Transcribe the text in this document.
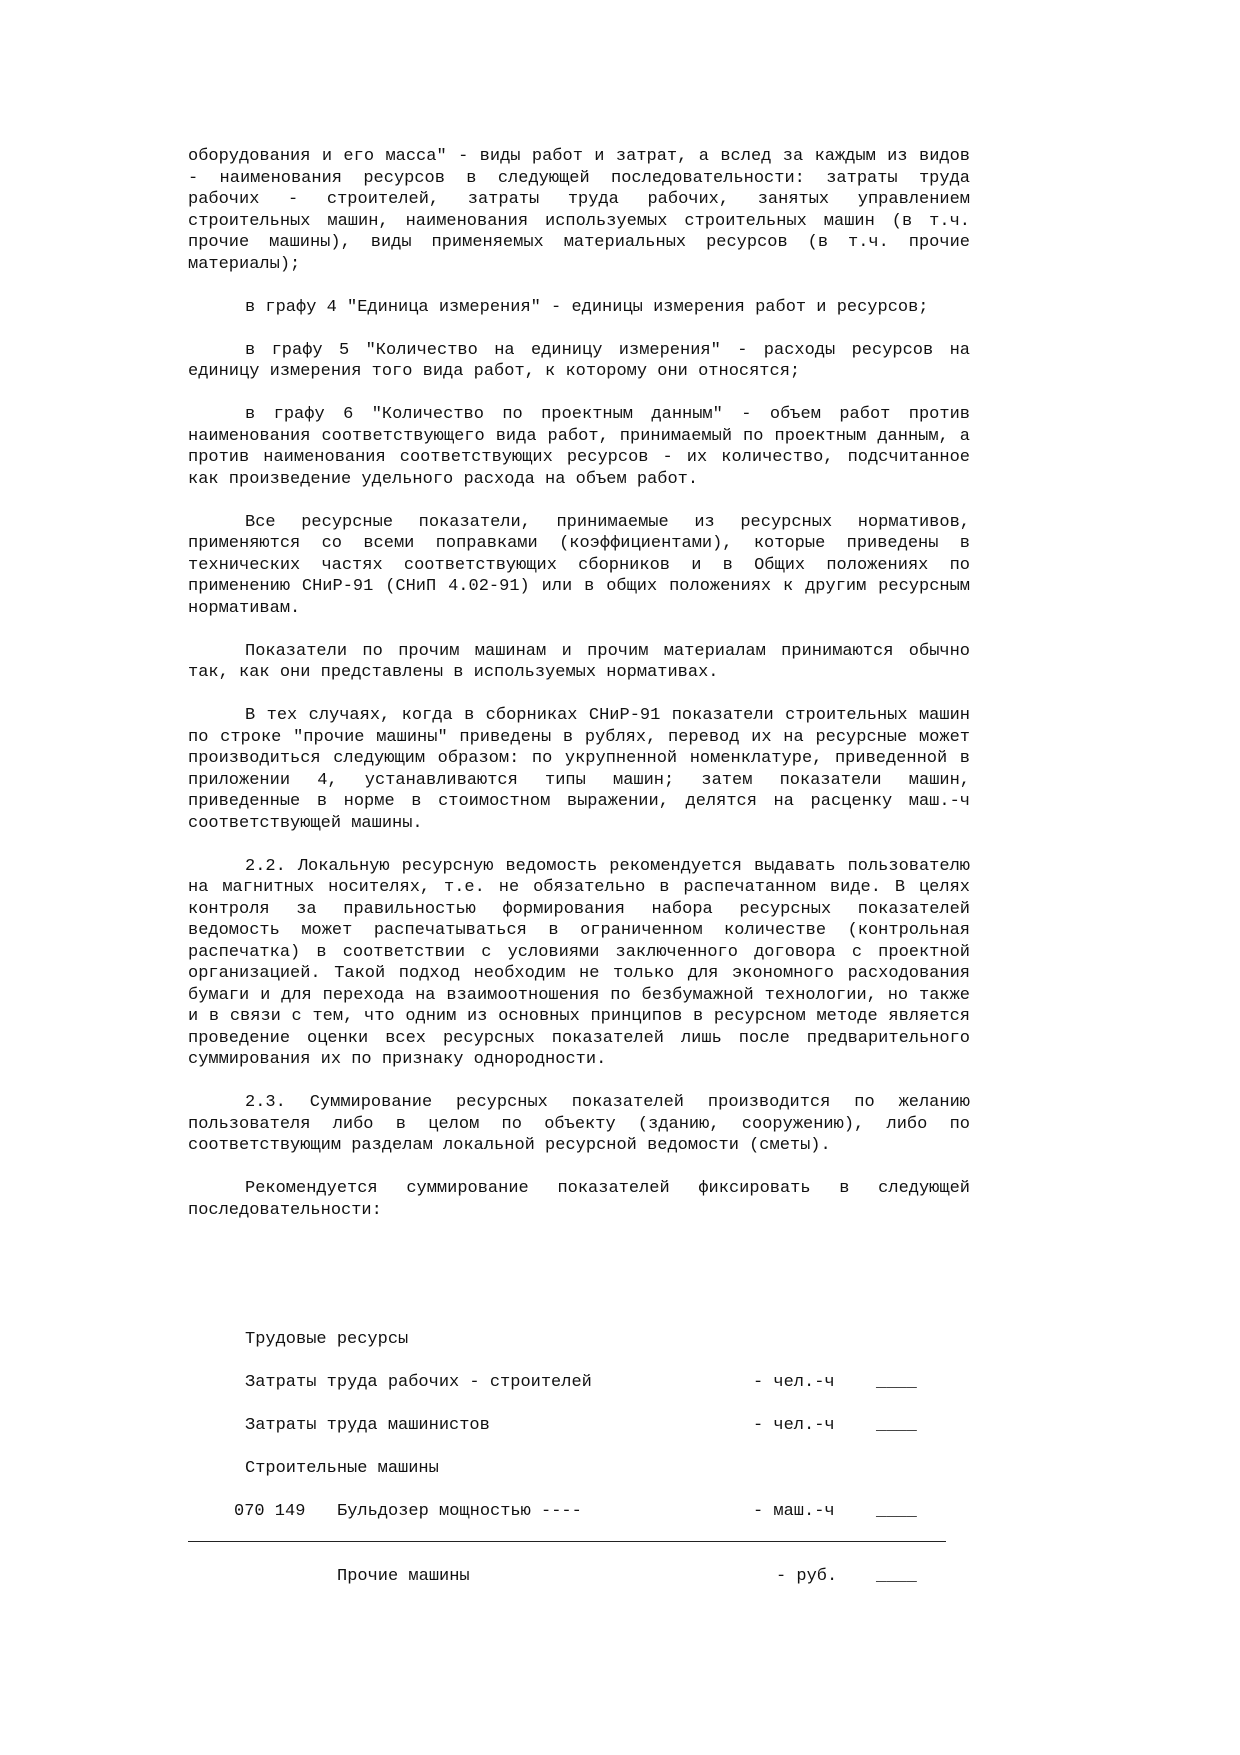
оборудования и его масса" - виды работ и затрат, а вслед за каждым из видов - наименования ресурсов в следующей последовательности: затраты труда рабочих - строителей, затраты труда рабочих, занятых управлением строительных машин, наименования используемых строительных машин (в т.ч. прочие машины), виды применяемых материальных ресурсов (в т.ч. прочие материалы);

в графу 4 "Единица измерения" - единицы измерения работ и ресурсов;

в графу 5 "Количество на единицу измерения" - расходы ресурсов на единицу измерения того вида работ, к которому они относятся;

в графу 6 "Количество по проектным данным" - объем работ против наименования соответствующего вида работ, принимаемый по проектным данным, а против наименования соответствующих ресурсов - их количество, подсчитанное как произведение удельного расхода на объем работ.

Все ресурсные показатели, принимаемые из ресурсных нормативов, применяются со всеми поправками (коэффициентами), которые приведены в технических частях соответствующих сборников и в Общих положениях по применению СНиР-91 (СНиП 4.02-91) или в общих положениях к другим ресурсным нормативам.

Показатели по прочим машинам и прочим материалам принимаются обычно так, как они представлены в используемых нормативах.

В тех случаях, когда в сборниках СНиР-91 показатели строительных машин по строке "прочие машины" приведены в рублях, перевод их на ресурсные может производиться следующим образом: по укрупненной номенклатуре, приведенной в приложении 4, устанавливаются типы машин; затем показатели машин, приведенные в норме в стоимостном выражении, делятся на расценку маш.-ч соответствующей машины.

2.2. Локальную ресурсную ведомость рекомендуется выдавать пользователю на магнитных носителях, т.е. не обязательно в распечатанном виде. В целях контроля за правильностью формирования набора ресурсных показателей ведомость может распечатываться в ограниченном количестве (контрольная распечатка) в соответствии с условиями заключенного договора с проектной организацией. Такой подход необходим не только для экономного расходования бумаги и для перехода на взаимоотношения по безбумажной технологии, но также и в связи с тем, что одним из основных принципов в ресурсном методе является проведение оценки всех ресурсных показателей лишь после предварительного суммирования их по признаку однородности.

2.3. Суммирование ресурсных показателей производится по желанию пользователя либо в целом по объекту (зданию, сооружению), либо по соответствующим разделам локальной ресурсной ведомости (сметы).

Рекомендуется суммирование показателей фиксировать в следующей последовательности:

Трудовые ресурсы
Затраты труда рабочих - строителей	- чел.-ч ____
Затраты труда машинистов	- чел.-ч ____
Строительные машины
070 149 Бульдозер мощностью ----	- маш.-ч ____
Прочие машины	- руб. ____
